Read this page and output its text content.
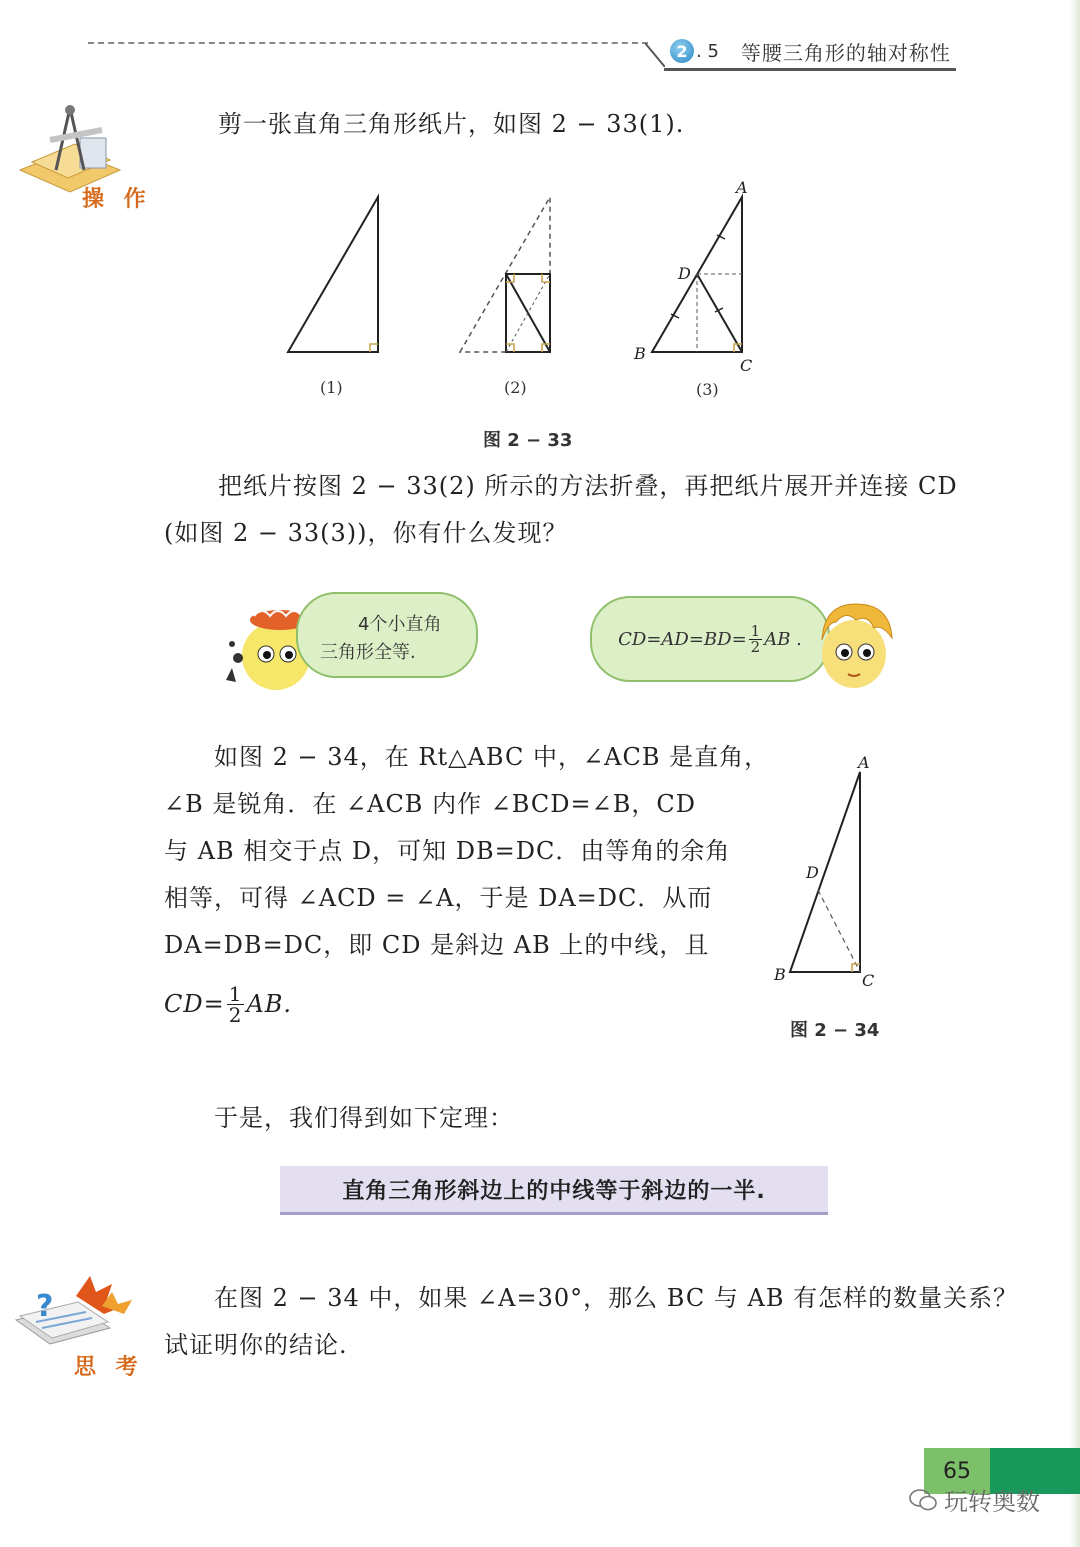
2 . 5 等腰三角形的轴对称性
操 作
剪一张直角三角形纸片，如图 2 − 33(1).
A
D
B
C
(1)	(2)	(3)
图 2 − 33
把纸片按图 2 − 33(2) 所示的方法折叠，再把纸片展开并连接 CD
(如图 2 − 33(3))，你有什么发现？
4个小直角
三角形全等.
$CD=AD=BD= \frac{1}{2}$ AB .
如图 2 − 34，在 Rt△ABC 中，∠ACB 是直角，
∠B 是锐角．在 ∠ACB 内作 ∠BCD=∠B，CD
与 AB 相交于点 D，可知 DB=DC．由等角的余角
相等，可得 ∠ACD = ∠A，于是 DA=DC．从而
DA=DB=DC，即 CD 是斜边 AB 上的中线，且
$CD= \frac{1}{2}$ AB.
A
D
B	C
图 2 − 34
于是，我们得到如下定理：
直角三角形斜边上的中线等于斜边的一半.
?
思 考
在图 2 − 34 中，如果 ∠A=30°，那么 BC 与 AB 有怎样的数量关系？
试证明你的结论.
65
玩转奥数
